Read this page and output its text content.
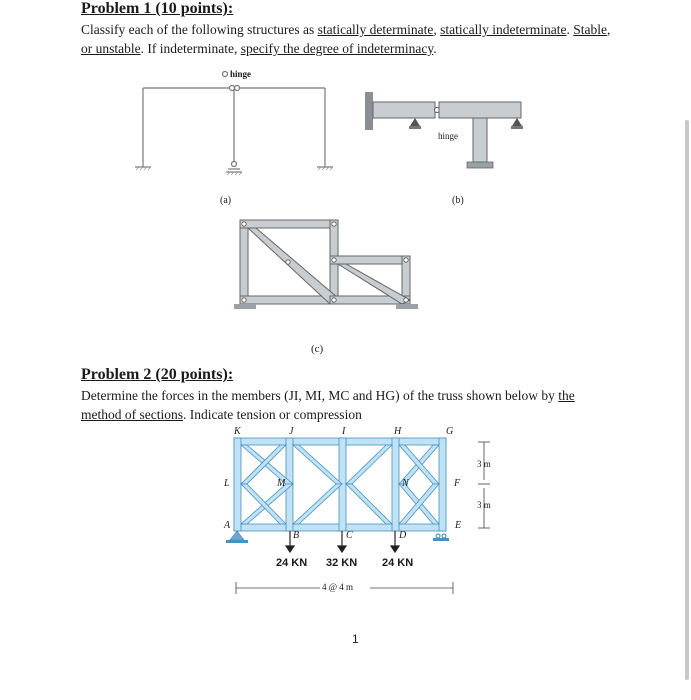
Problem 1 (10 points):
Classify each of the following structures as statically determinate, statically indeterminate. Stable,
or unstable. If indeterminate, specify the degree of indeterminacy.
hinge
(a)
hinge
(b)
(c)
Problem 2 (20 points):
Determine the forces in the members (JI, MI, MC and HG) of the truss shown below by the
method of sections. Indicate tension or compression
K	J	I	H	G
L	M	N	F
A
B	C	D
E
3 m
3 m
24 KN 32 KN 24 KN
4 @ 4 m
1
